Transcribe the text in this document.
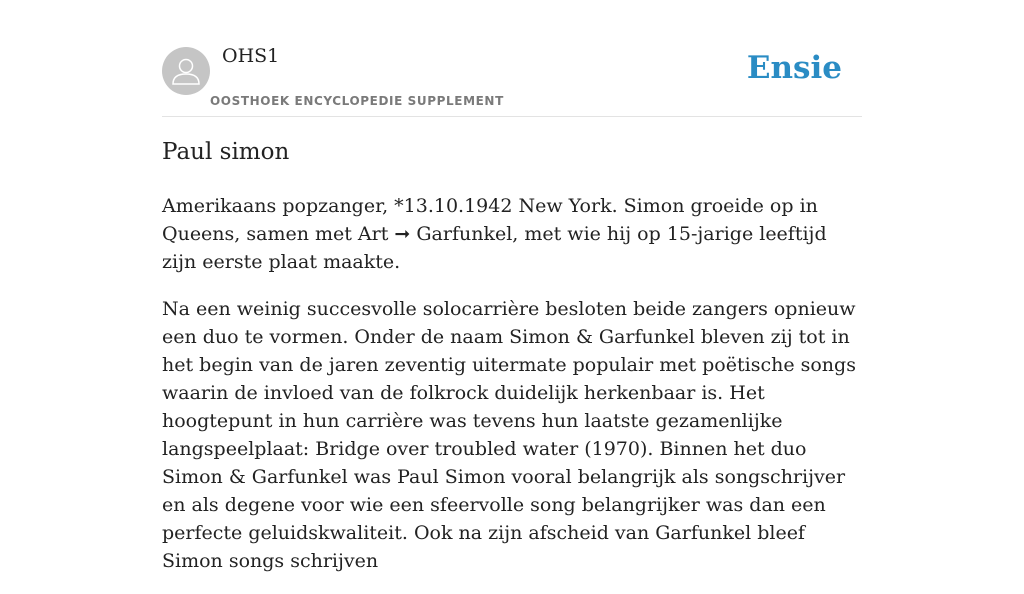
OHS1
OOSTHOEK ENCYCLOPEDIE SUPPLEMENT
Ensie
Paul simon

Amerikaans popzanger, *13.10.1942 New York. Simon groeide op in Queens, samen met Art ➞ Garfunkel, met wie hij op 15-jarige leeftijd zijn eerste plaat maakte.

Na een weinig succesvolle solocarrière besloten beide zangers opnieuw een duo te vormen. Onder de naam Simon & Garfunkel bleven zij tot in het begin van de jaren zeventig uitermate populair met poëtische songs waarin de invloed van de folkrock duidelijk herkenbaar is. Het hoogtepunt in hun carrière was tevens hun laatste gezamenlijke langspeelplaat: Bridge over troubled water (1970). Binnen het duo Simon & Garfunkel was Paul Simon vooral belangrijk als songschrijver en als degene voor wie een sfeervolle song belangrijker was dan een perfecte geluidskwaliteit. Ook na zijn afscheid van Garfunkel bleef Simon songs schrijven
